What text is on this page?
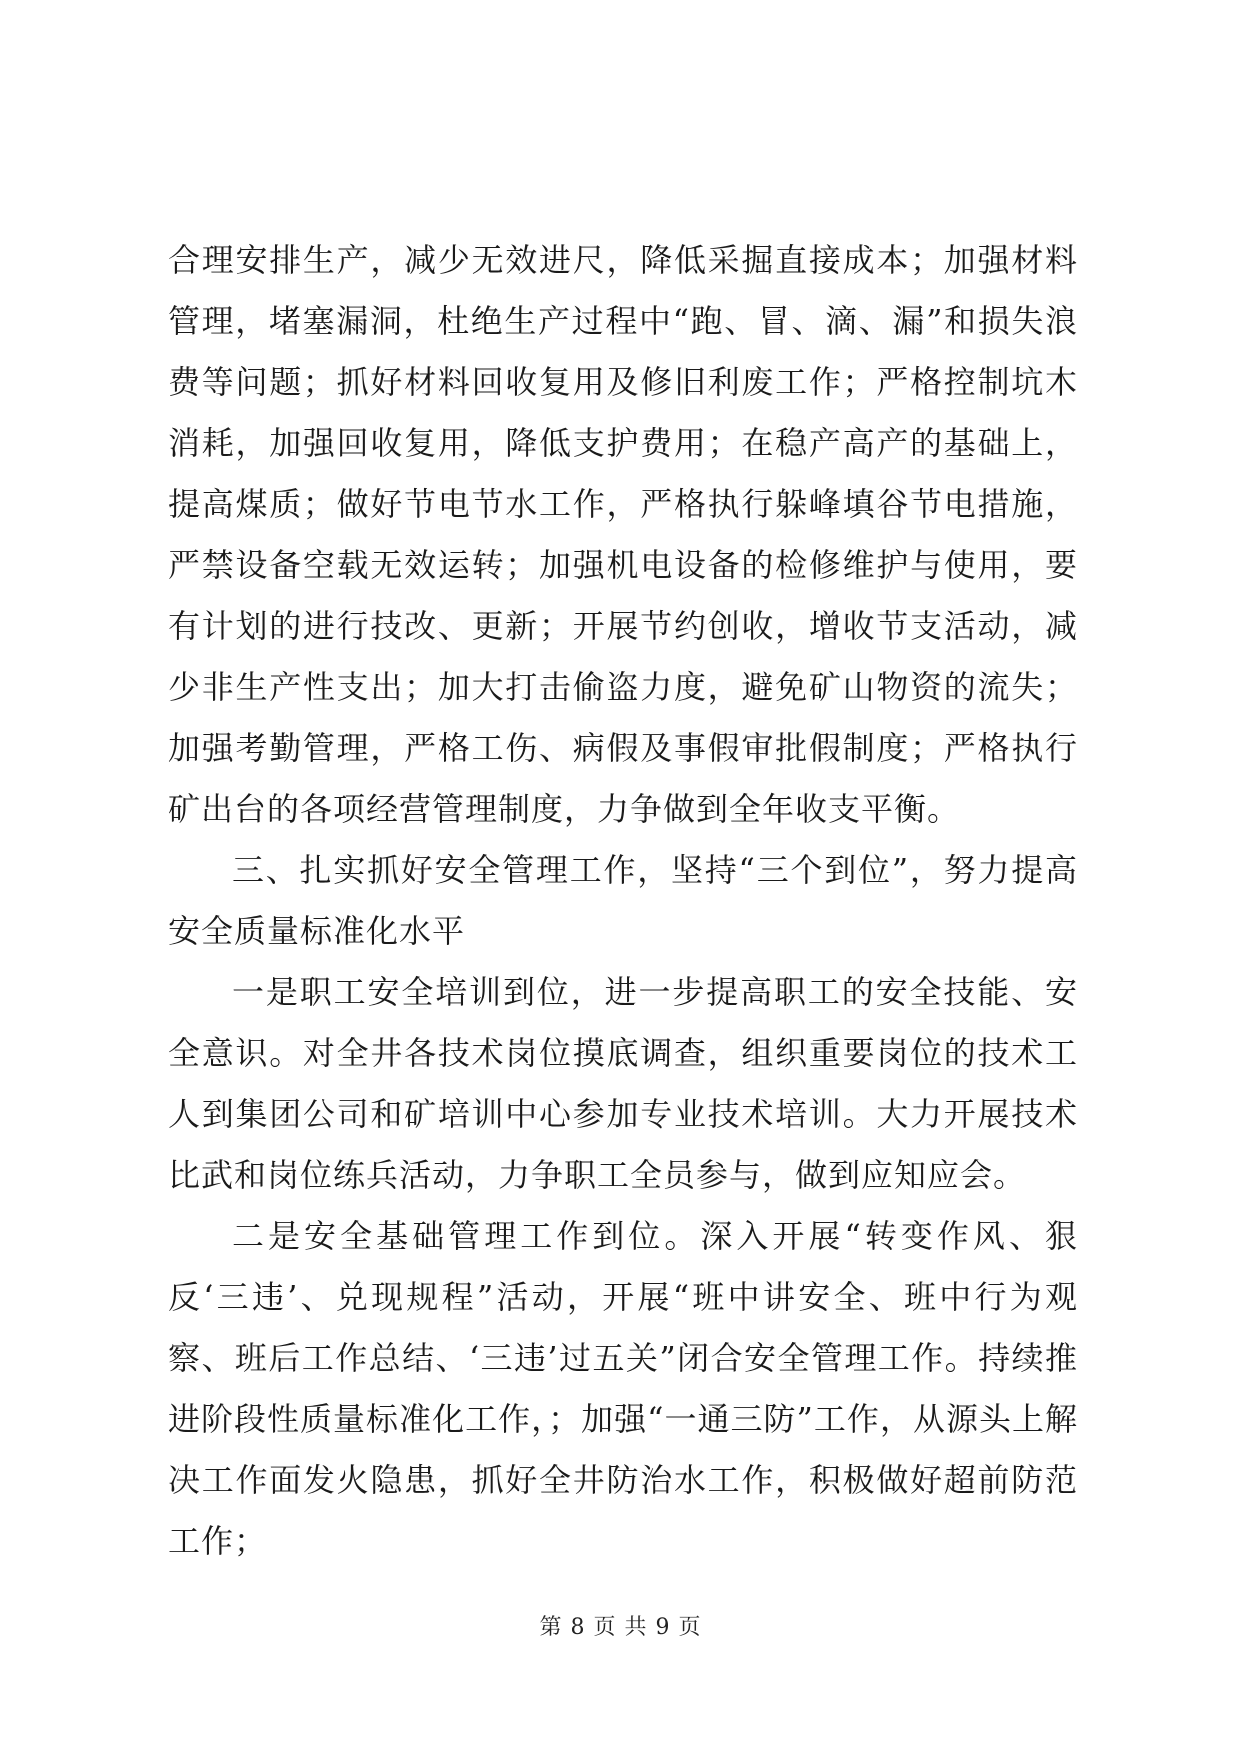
合理安排生产，减少无效进尺，降低采掘直接成本；加强材料管理，堵塞漏洞，杜绝生产过程中“跑、冒、滴、漏”和损失浪费等问题；抓好材料回收复用及修旧利废工作；严格控制坑木消耗，加强回收复用，降低支护费用；在稳产高产的基础上，提高煤质；做好节电节水工作，严格执行躲峰填谷节电措施，严禁设备空载无效运转；加强机电设备的检修维护与使用，要有计划的进行技改、更新；开展节约创收，增收节支活动，减少非生产性支出；加大打击偷盗力度，避免矿山物资的流失；加强考勤管理，严格工伤、病假及事假审批假制度；严格执行矿出台的各项经营管理制度，力争做到全年收支平衡。

三、扎实抓好安全管理工作，坚持“三个到位”，努力提高安全质量标准化水平

一是职工安全培训到位，进一步提高职工的安全技能、安全意识。对全井各技术岗位摸底调查，组织重要岗位的技术工人到集团公司和矿培训中心参加专业技术培训。大力开展技术比武和岗位练兵活动，力争职工全员参与，做到应知应会。

二是安全基础管理工作到位。深入开展“转变作风、狠反‘三违’、兑现规程”活动，开展“班中讲安全、班中行为观察、班后工作总结、‘三违’过五关”闭合安全管理工作。持续推进阶段性质量标准化工作，；加强“一通三防”工作，从源头上解决工作面发火隐患，抓好全井防治水工作，积极做好超前防范工作；

第 8 页 共 9 页
